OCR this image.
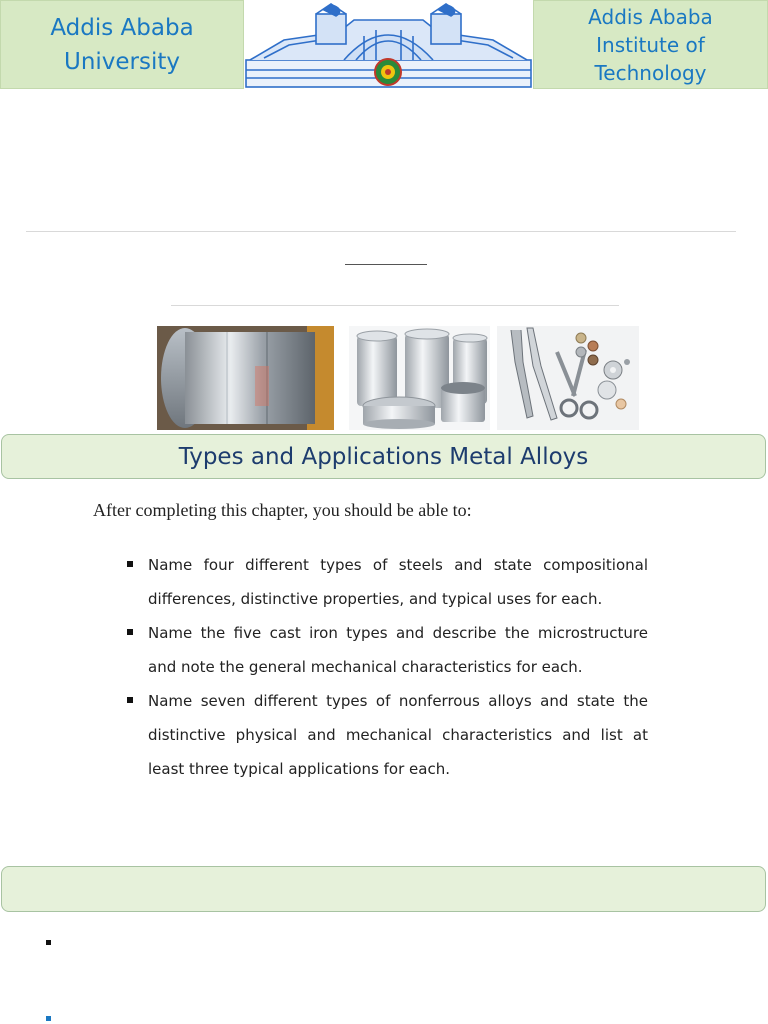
Addis Ababa University
Addis Ababa Institute of Technology
Types and Applications Metal Alloys
After completing this chapter, you should be able to:
Name four different types of steels and state compositional differences, distinctive properties, and typical uses for each.
Name the five cast iron types and describe the microstructure and note the general mechanical characteristics for each.
Name seven different types of nonferrous alloys and state the distinctive physical and mechanical characteristics and list at least three typical applications for each.
